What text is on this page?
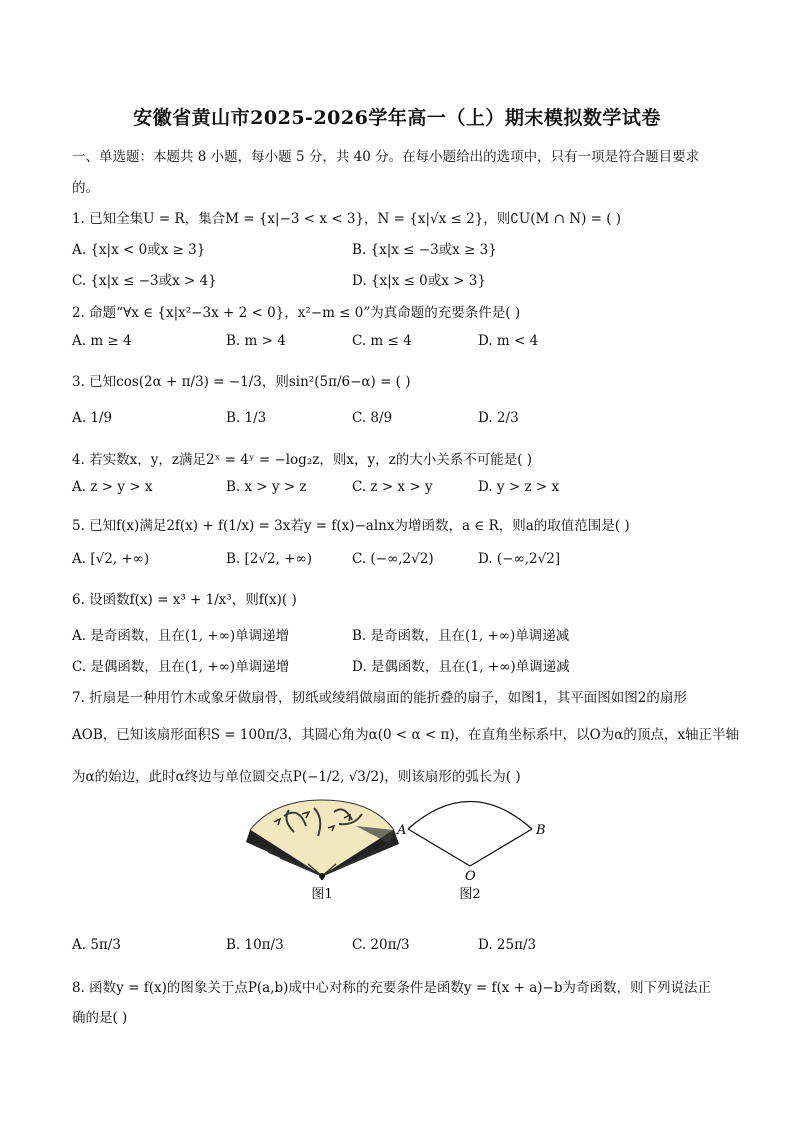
安徽省黄山市2025-2026学年高一（上）期末模拟数学试卷
一、单选题：本题共 8 小题，每小题 5 分，共 40 分。在每小题给出的选项中，只有一项是符合题目要求
的。
1. 已知全集U = R，集合M = {x|−3 < x < 3}，N = {x|√x ≤ 2}，则∁U(M ∩ N) = ( )
A. {x|x < 0或x ≥ 3}	B. {x|x ≤ −3或x ≥ 3}
C. {x|x ≤ −3或x > 4}	D. {x|x ≤ 0或x > 3}
2. 命题“∀x ∈ {x|x²−3x + 2 < 0}，x²−m ≤ 0”为真命题的充要条件是( )
A. m ≥ 4	B. m > 4	C. m ≤ 4	D. m < 4
3. 已知cos(2α + π/3) = −1/3，则sin²(5π/6−α) = ( )
A. 1/9	B. 1/3	C. 8/9	D. 2/3
4. 若实数x，y，z满足2ˣ = 4ʸ = −log₂z，则x，y，z的大小关系不可能是( )
A. z > y > x	B. x > y > z	C. z > x > y	D. y > z > x
5. 已知f(x)满足2f(x) + f(1/x) = 3x若y = f(x)−alnx为增函数，a ∈ R，则a的取值范围是( )
A. [√2, +∞)	B. [2√2, +∞)	C. (−∞,2√2)	D. (−∞,2√2]
6. 设函数f(x) = x³ + 1/x³，则f(x)( )
A. 是奇函数，且在(1, +∞)单调递增	B. 是奇函数，且在(1, +∞)单调递减
C. 是偶函数，且在(1, +∞)单调递增	D. 是偶函数，且在(1, +∞)单调递减
7. 折扇是一种用竹木或象牙做扇骨，韧纸或绫绢做扇面的能折叠的扇子，如图1，其平面图如图2的扇形
AOB，已知该扇形面积S = 100π/3，其圆心角为α(0 < α < π)，在直角坐标系中，以O为α的顶点，x轴正半轴
为α的始边，此时α终边与单位圆交点P(−1/2, √3/2)，则该扇形的弧长为( )
图1
A	B
O
图2
A. 5π/3	B. 10π/3	C. 20π/3	D. 25π/3
8. 函数y = f(x)的图象关于点P(a,b)成中心对称的充要条件是函数y = f(x + a)−b为奇函数，则下列说法正
确的是( )
